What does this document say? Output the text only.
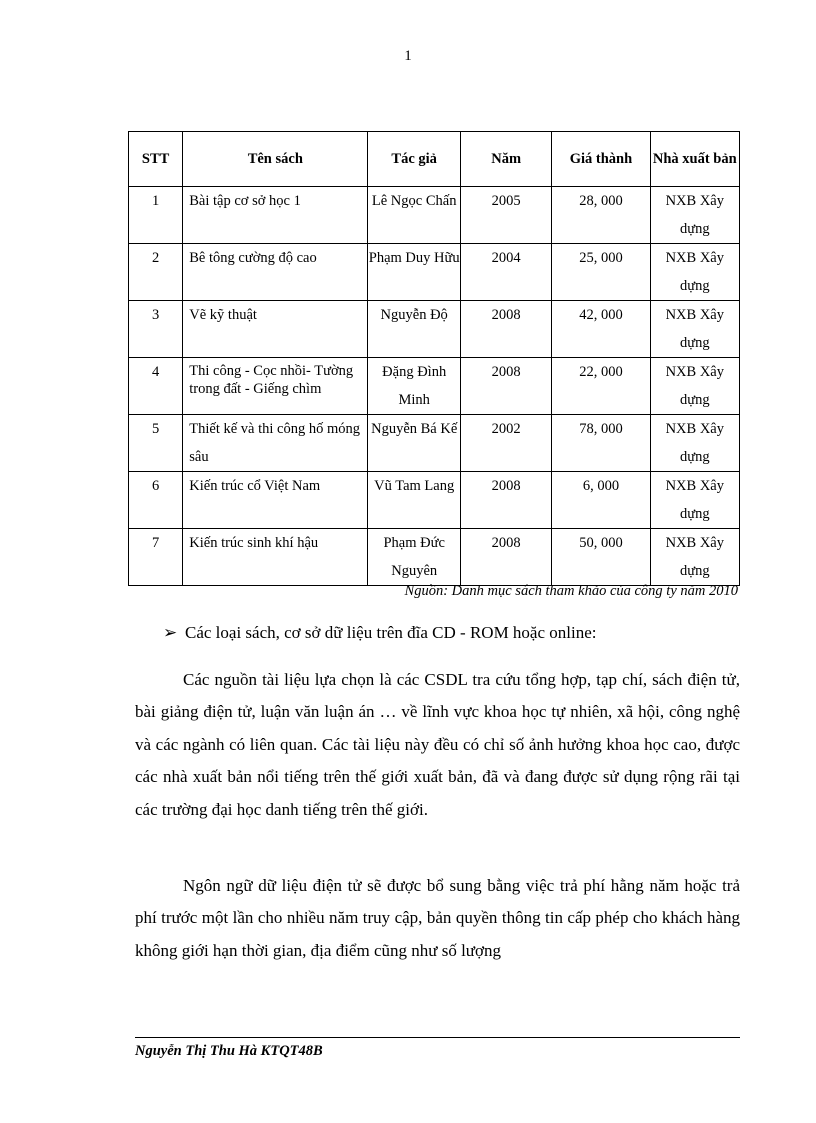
1
STT	Tên sách	Tác giả	Năm	Giá thành	Nhà xuất bản
1	Bài tập cơ sở học 1	Lê Ngọc Chấn	2005	28, 000	NXB Xây dựng
2	Bê tông cường độ cao	Phạm Duy Hữu	2004	25, 000	NXB Xây dựng
3	Vẽ kỹ thuật	Nguyễn Độ	2008	42, 000	NXB Xây dựng
4	Thi công - Cọc nhồi- Tường trong đất - Giếng chìm	Đặng Đình Minh	2008	22, 000	NXB Xây dựng
5	Thiết kế và thi công hố móng sâu	Nguyễn Bá Kế	2002	78, 000	NXB Xây dựng
6	Kiến trúc cổ Việt Nam	Vũ Tam Lang	2008	6, 000	NXB Xây dựng
7	Kiến trúc sinh khí hậu	Phạm Đức Nguyên	2008	50, 000	NXB Xây dựng
Nguồn: Danh mục sách tham khảo của công ty năm 2010
➢ Các loại sách, cơ sở dữ liệu trên đĩa CD - ROM hoặc online:

Các nguồn tài liệu lựa chọn là các CSDL tra cứu tổng hợp, tạp chí, sách điện tử, bài giảng điện tử, luận văn luận án … về lĩnh vực khoa học tự nhiên, xã hội, công nghệ và các ngành có liên quan. Các tài liệu này đều có chỉ số ảnh hưởng khoa học cao, được các nhà xuất bản nổi tiếng trên thế giới xuất bản, đã và đang được sử dụng rộng rãi tại các trường đại học danh tiếng trên thế giới.

Ngôn ngữ dữ liệu điện tử sẽ được bổ sung bằng việc trả phí hằng năm hoặc trả phí trước một lần cho nhiều năm truy cập, bản quyền thông tin cấp phép cho khách hàng không giới hạn thời gian, địa điểm cũng như số lượng

Nguyễn Thị Thu Hà KTQT48B
